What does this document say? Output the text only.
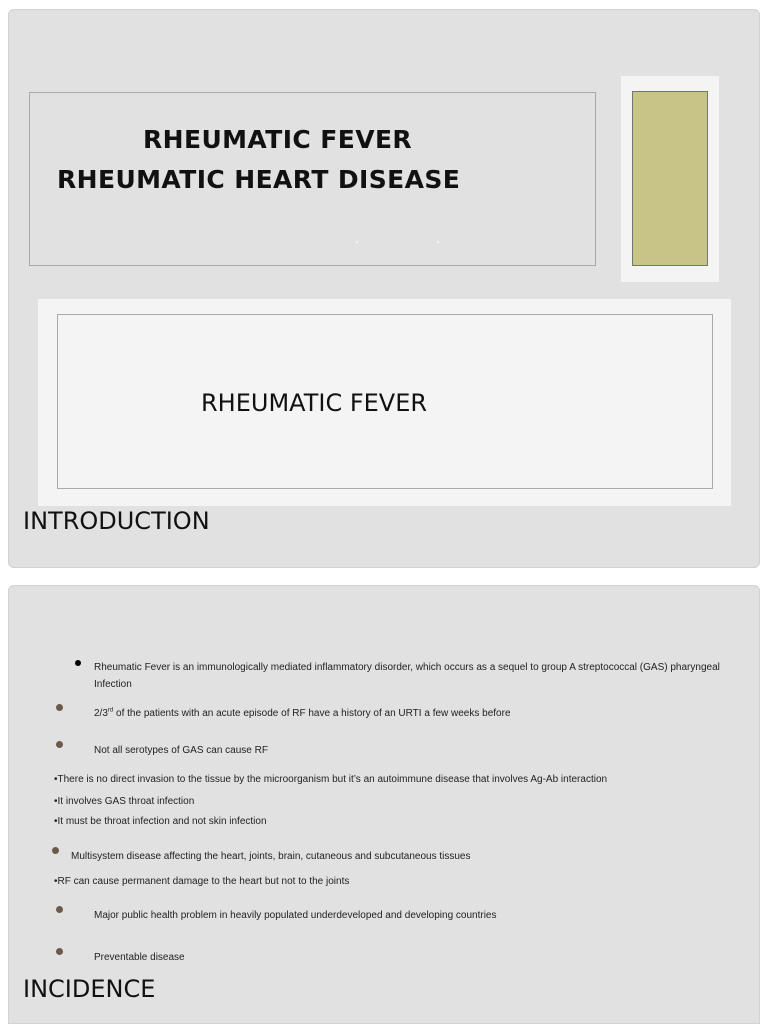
RHEUMATIC FEVER
RHEUMATIC HEART DISEASE
RHEUMATIC FEVER
INTRODUCTION
Rheumatic Fever is an immunologically mediated inflammatory disorder, which occurs as a sequel to group A streptococcal (GAS) pharyngeal Infection
2/3rd of the patients with an acute episode of RF have a history of an URTI a few weeks before
Not all serotypes of GAS can cause RF
•There is no direct invasion to the tissue by the microorganism but it’s an autoimmune disease that involves Ag-Ab interaction
•It involves GAS throat infection
•It must be throat infection and not skin infection
Multisystem disease affecting the heart, joints, brain, cutaneous and subcutaneous tissues
•RF can cause permanent damage to the heart but not to the joints
Major public health problem in heavily populated underdeveloped and developing countries
Preventable disease
INCIDENCE
